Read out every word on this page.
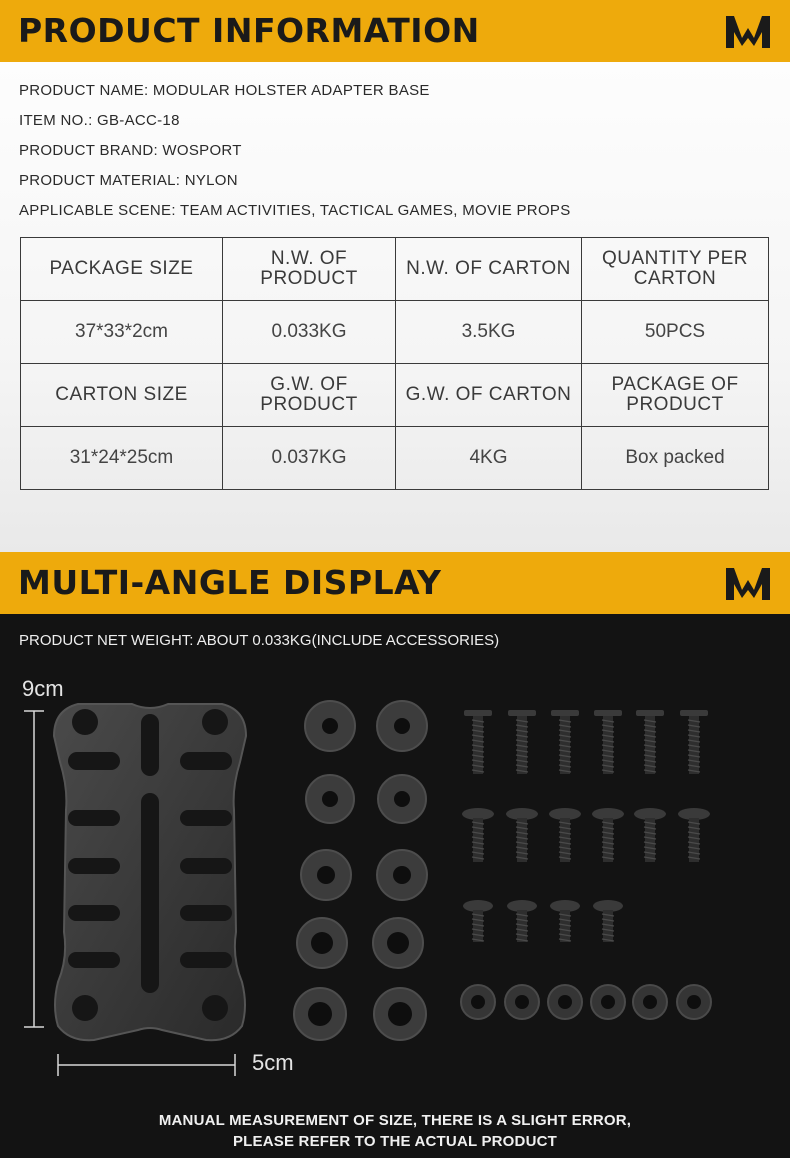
PRODUCT INFORMATION
PRODUCT NAME: MODULAR HOLSTER ADAPTER BASE
ITEM NO.: GB-ACC-18
PRODUCT BRAND: WOSPORT
PRODUCT MATERIAL: NYLON
APPLICABLE SCENE: TEAM ACTIVITIES, TACTICAL GAMES, MOVIE PROPS
PACKAGE SIZE	N.W. OF PRODUCT	N.W. OF CARTON	QUANTITY PER CARTON
37*33*2cm	0.033KG	3.5KG	50PCS
CARTON SIZE	G.W. OF PRODUCT	G.W. OF CARTON	PACKAGE OF PRODUCT
31*24*25cm	0.037KG	4KG	Box packed
MULTI-ANGLE DISPLAY
PRODUCT NET WEIGHT: ABOUT 0.033KG(INCLUDE ACCESSORIES)
9cm
5cm
MANUAL MEASUREMENT OF SIZE, THERE IS A SLIGHT ERROR,
PLEASE REFER TO THE ACTUAL PRODUCT
